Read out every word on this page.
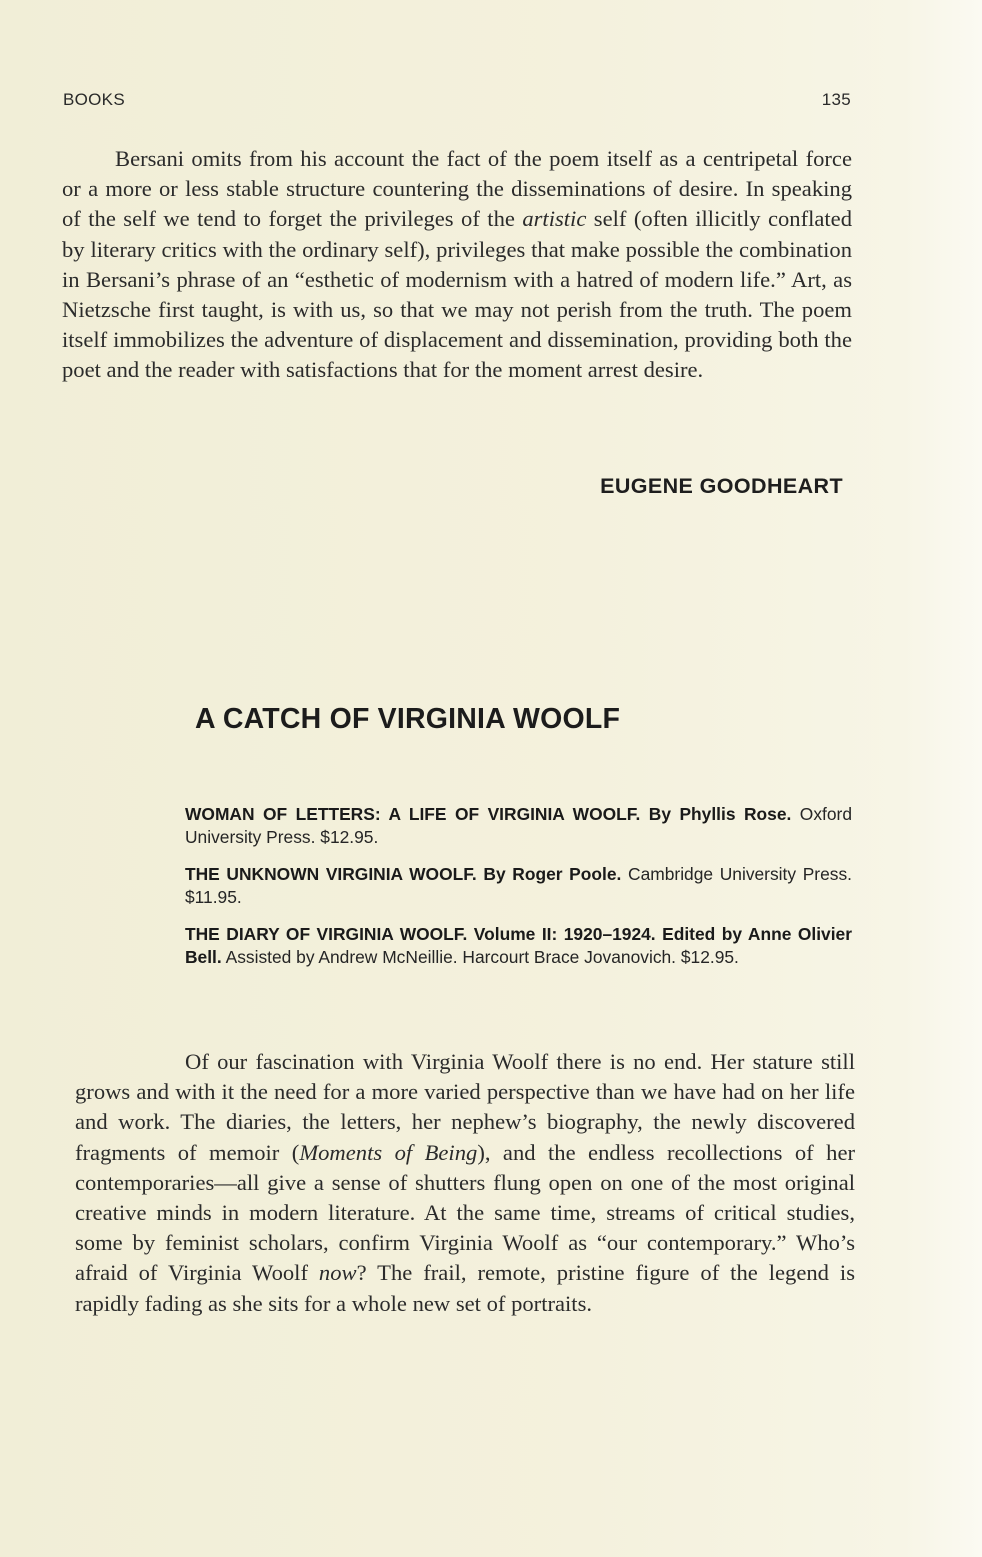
BOOKS	135

Bersani omits from his account the fact of the poem itself as a centripetal force or a more or less stable structure countering the disseminations of desire. In speaking of the self we tend to forget the privileges of the artistic self (often illicitly conflated by literary critics with the ordinary self), privileges that make possible the combination in Bersani’s phrase of an “esthetic of modernism with a hatred of modern life.” Art, as Nietzsche first taught, is with us, so that we may not perish from the truth. The poem itself immobilizes the adventure of displacement and dissemination, providing both the poet and the reader with satisfactions that for the moment arrest desire.

EUGENE GOODHEART
A CATCH OF VIRGINIA WOOLF

WOMAN OF LETTERS: A LIFE OF VIRGINIA WOOLF. By Phyllis Rose. Oxford University Press. $12.95.

THE UNKNOWN VIRGINIA WOOLF. By Roger Poole. Cambridge University Press. $11.95.

THE DIARY OF VIRGINIA WOOLF. Volume II: 1920–1924. Edited by Anne Olivier Bell. Assisted by Andrew McNeillie. Harcourt Brace Jovanovich. $12.95.

Of our fascination with Virginia Woolf there is no end. Her stature still grows and with it the need for a more varied perspective than we have had on her life and work. The diaries, the letters, her nephew’s biography, the newly discovered fragments of memoir (Moments of Being), and the endless recollections of her contemporaries—all give a sense of shutters flung open on one of the most original creative minds in modern literature. At the same time, streams of critical studies, some by feminist scholars, confirm Virginia Woolf as “our contemporary.” Who’s afraid of Virginia Woolf now? The frail, remote, pristine figure of the legend is rapidly fading as she sits for a whole new set of portraits.
